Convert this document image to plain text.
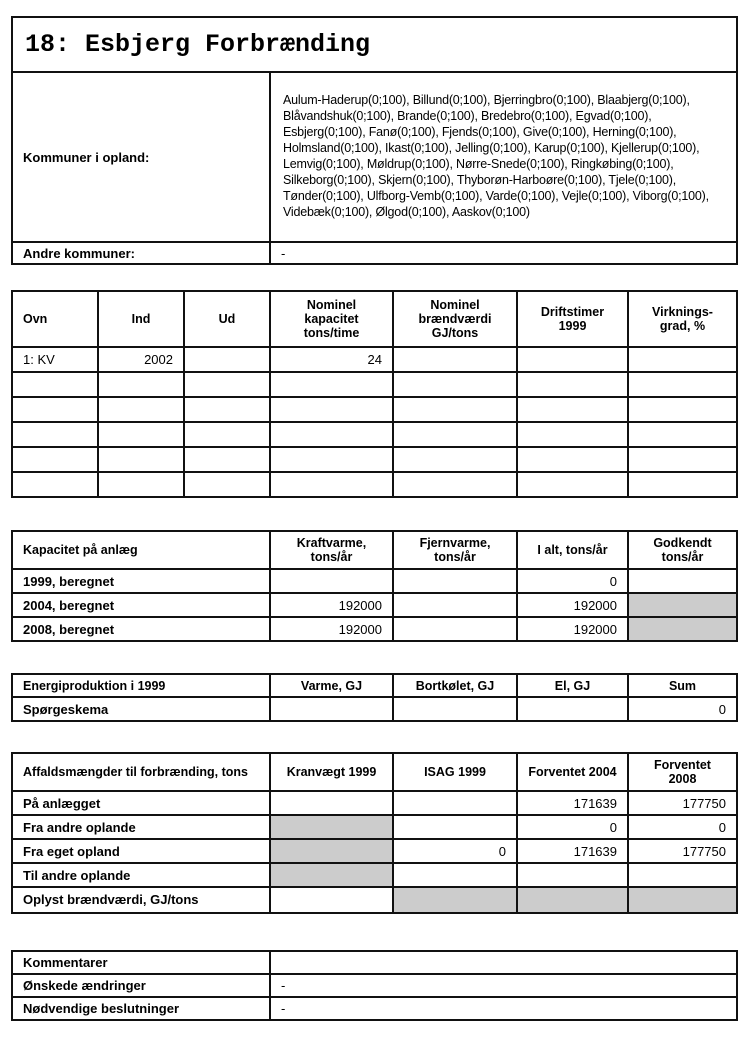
18: Esbjerg Forbrænding	
Kommuner i opland:	Aulum-Haderup(0;100), Billund(0;100), Bjerringbro(0;100), Blaabjerg(0;100), Blåvandshuk(0;100), Brande(0;100), Bredebro(0;100), Egvad(0;100), Esbjerg(0;100), Fanø(0;100), Fjends(0;100), Give(0;100), Herning(0;100), Holmsland(0;100), Ikast(0;100), Jelling(0;100), Karup(0;100), Kjellerup(0;100), Lemvig(0;100), Møldrup(0;100), Nørre-Snede(0;100), Ringkøbing(0;100), Silkeborg(0;100), Skjern(0;100), Thyborøn-Harboøre(0;100), Tjele(0;100), Tønder(0;100), Ulfborg-Vemb(0;100), Varde(0;100), Vejle(0;100), Viborg(0;100), Videbæk(0;100), Ølgod(0;100), Aaskov(0;100)
Andre kommuner:	-
Ovn	Ind	Ud	Nominel kapacitet tons/time	Nominel brændværdi GJ/tons	Driftstimer 1999	Virknings-grad, %
1: KV	2002		24			

Kapacitet på anlæg	Kraftvarme, tons/år	Fjernvarme, tons/år	I alt, tons/år	Godkendt tons/år
1999, beregnet			0	
2004, beregnet	192000		192000	
2008, beregnet	192000		192000	
Energiproduktion i 1999	Varme, GJ	Bortkølet, GJ	El, GJ	Sum
Spørgeskema				0
Affaldsmængder til forbrænding, tons	Kranvægt 1999	ISAG 1999	Forventet 2004	Forventet 2008
På anlægget			171639	177750
Fra andre oplande			0	0
Fra eget opland		0	171639	177750
Til andre oplande				
Oplyst brændværdi, GJ/tons				
Kommentarer	
Ønskede ændringer	-
Nødvendige beslutninger	-
